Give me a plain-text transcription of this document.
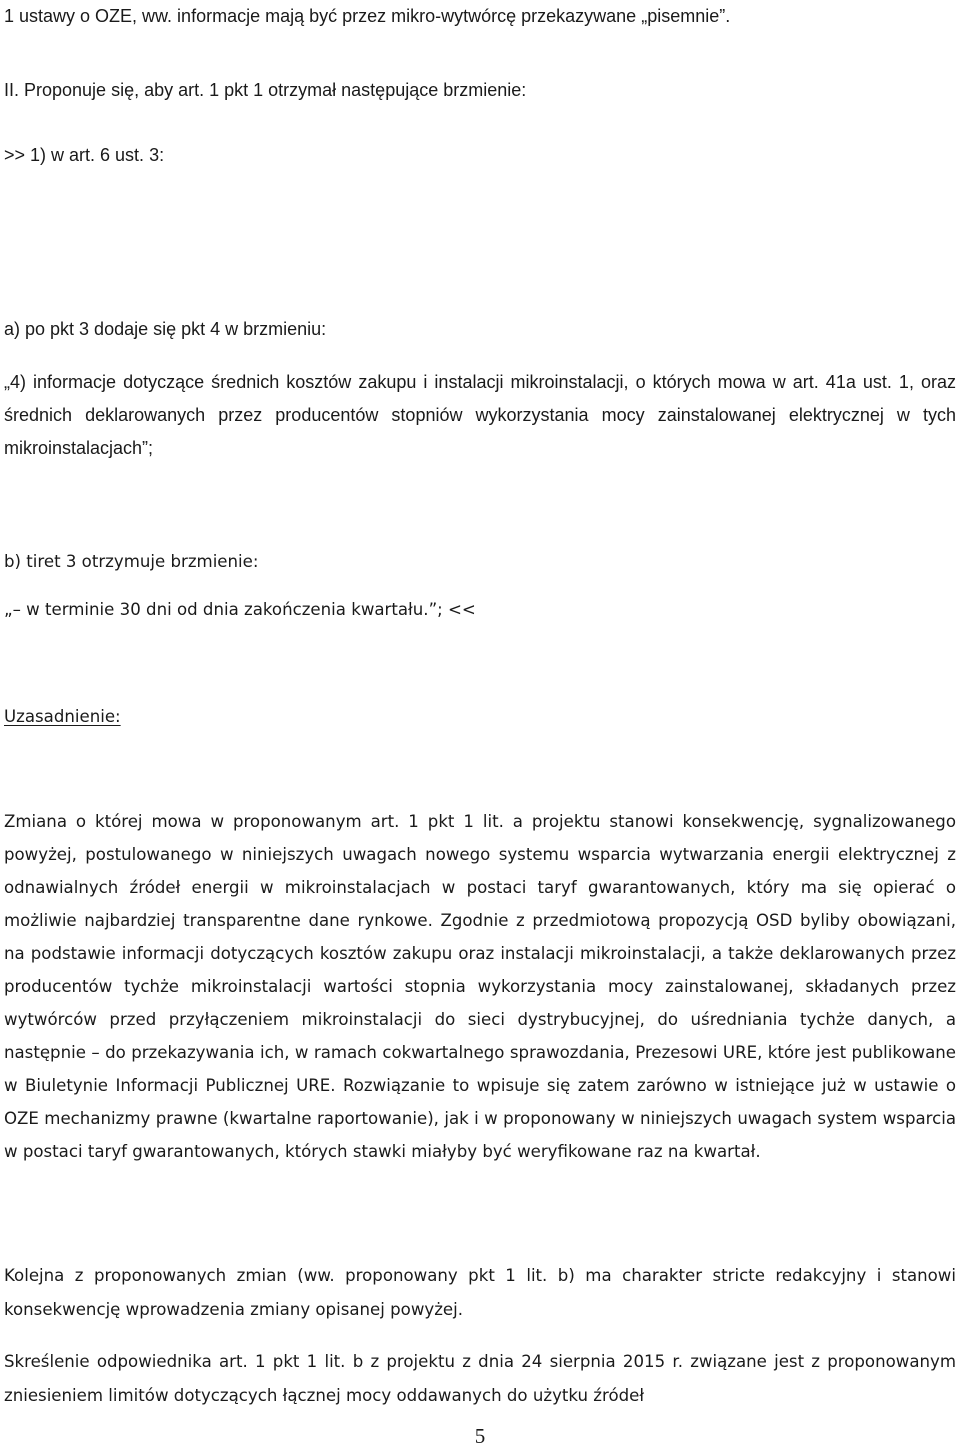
1 ustawy o OZE, ww. informacje mają być przez mikro-wytwórcę przekazywane „pisemnie”.

II. Proponuje się, aby art. 1 pkt 1 otrzymał następujące brzmienie:

>> 1) w art. 6 ust. 3:

a) po pkt 3 dodaje się pkt 4 w brzmieniu:

„4) informacje dotyczące średnich kosztów zakupu i instalacji mikroinstalacji, o których mowa w art. 41a ust. 1, oraz średnich deklarowanych przez producentów stopniów wykorzystania mocy zainstalowanej elektrycznej w tych mikroinstalacjach”;

b) tiret 3 otrzymuje brzmienie:

„– w terminie 30 dni od dnia zakończenia kwartału.”; <<

Uzasadnienie:

Zmiana o której mowa w proponowanym art. 1 pkt 1 lit. a projektu stanowi konsekwencję, sygnalizowanego powyżej, postulowanego w niniejszych uwagach nowego systemu wsparcia wytwarzania energii elektrycznej z odnawialnych źródeł energii w mikroinstalacjach w postaci taryf gwarantowanych, który ma się opierać o możliwie najbardziej transparentne dane rynkowe. Zgodnie z przedmiotową propozycją OSD byliby obowiązani, na podstawie informacji dotyczących kosztów zakupu oraz instalacji mikroinstalacji, a także deklarowanych przez producentów tychże mikroinstalacji wartości stopnia wykorzystania mocy zainstalowanej, składanych przez wytwórców przed przyłączeniem mikroinstalacji do sieci dystrybucyjnej, do uśredniania tychże danych, a następnie – do przekazywania ich, w ramach cokwartalnego sprawozdania, Prezesowi URE, które jest publikowane w Biuletynie Informacji Publicznej URE. Rozwiązanie to wpisuje się zatem zarówno w istniejące już w ustawie o OZE mechanizmy prawne (kwartalne raportowanie), jak i w proponowany w niniejszych uwagach system wsparcia w postaci taryf gwarantowanych, których stawki miałyby być weryfikowane raz na kwartał.

Kolejna z proponowanych zmian (ww. proponowany pkt 1 lit. b) ma charakter stricte redakcyjny i stanowi konsekwencję wprowadzenia zmiany opisanej powyżej.

Skreślenie odpowiednika art. 1 pkt 1 lit. b z projektu z dnia 24 sierpnia 2015 r. związane jest z proponowanym zniesieniem limitów dotyczących łącznej mocy oddawanych do użytku źródeł

5
